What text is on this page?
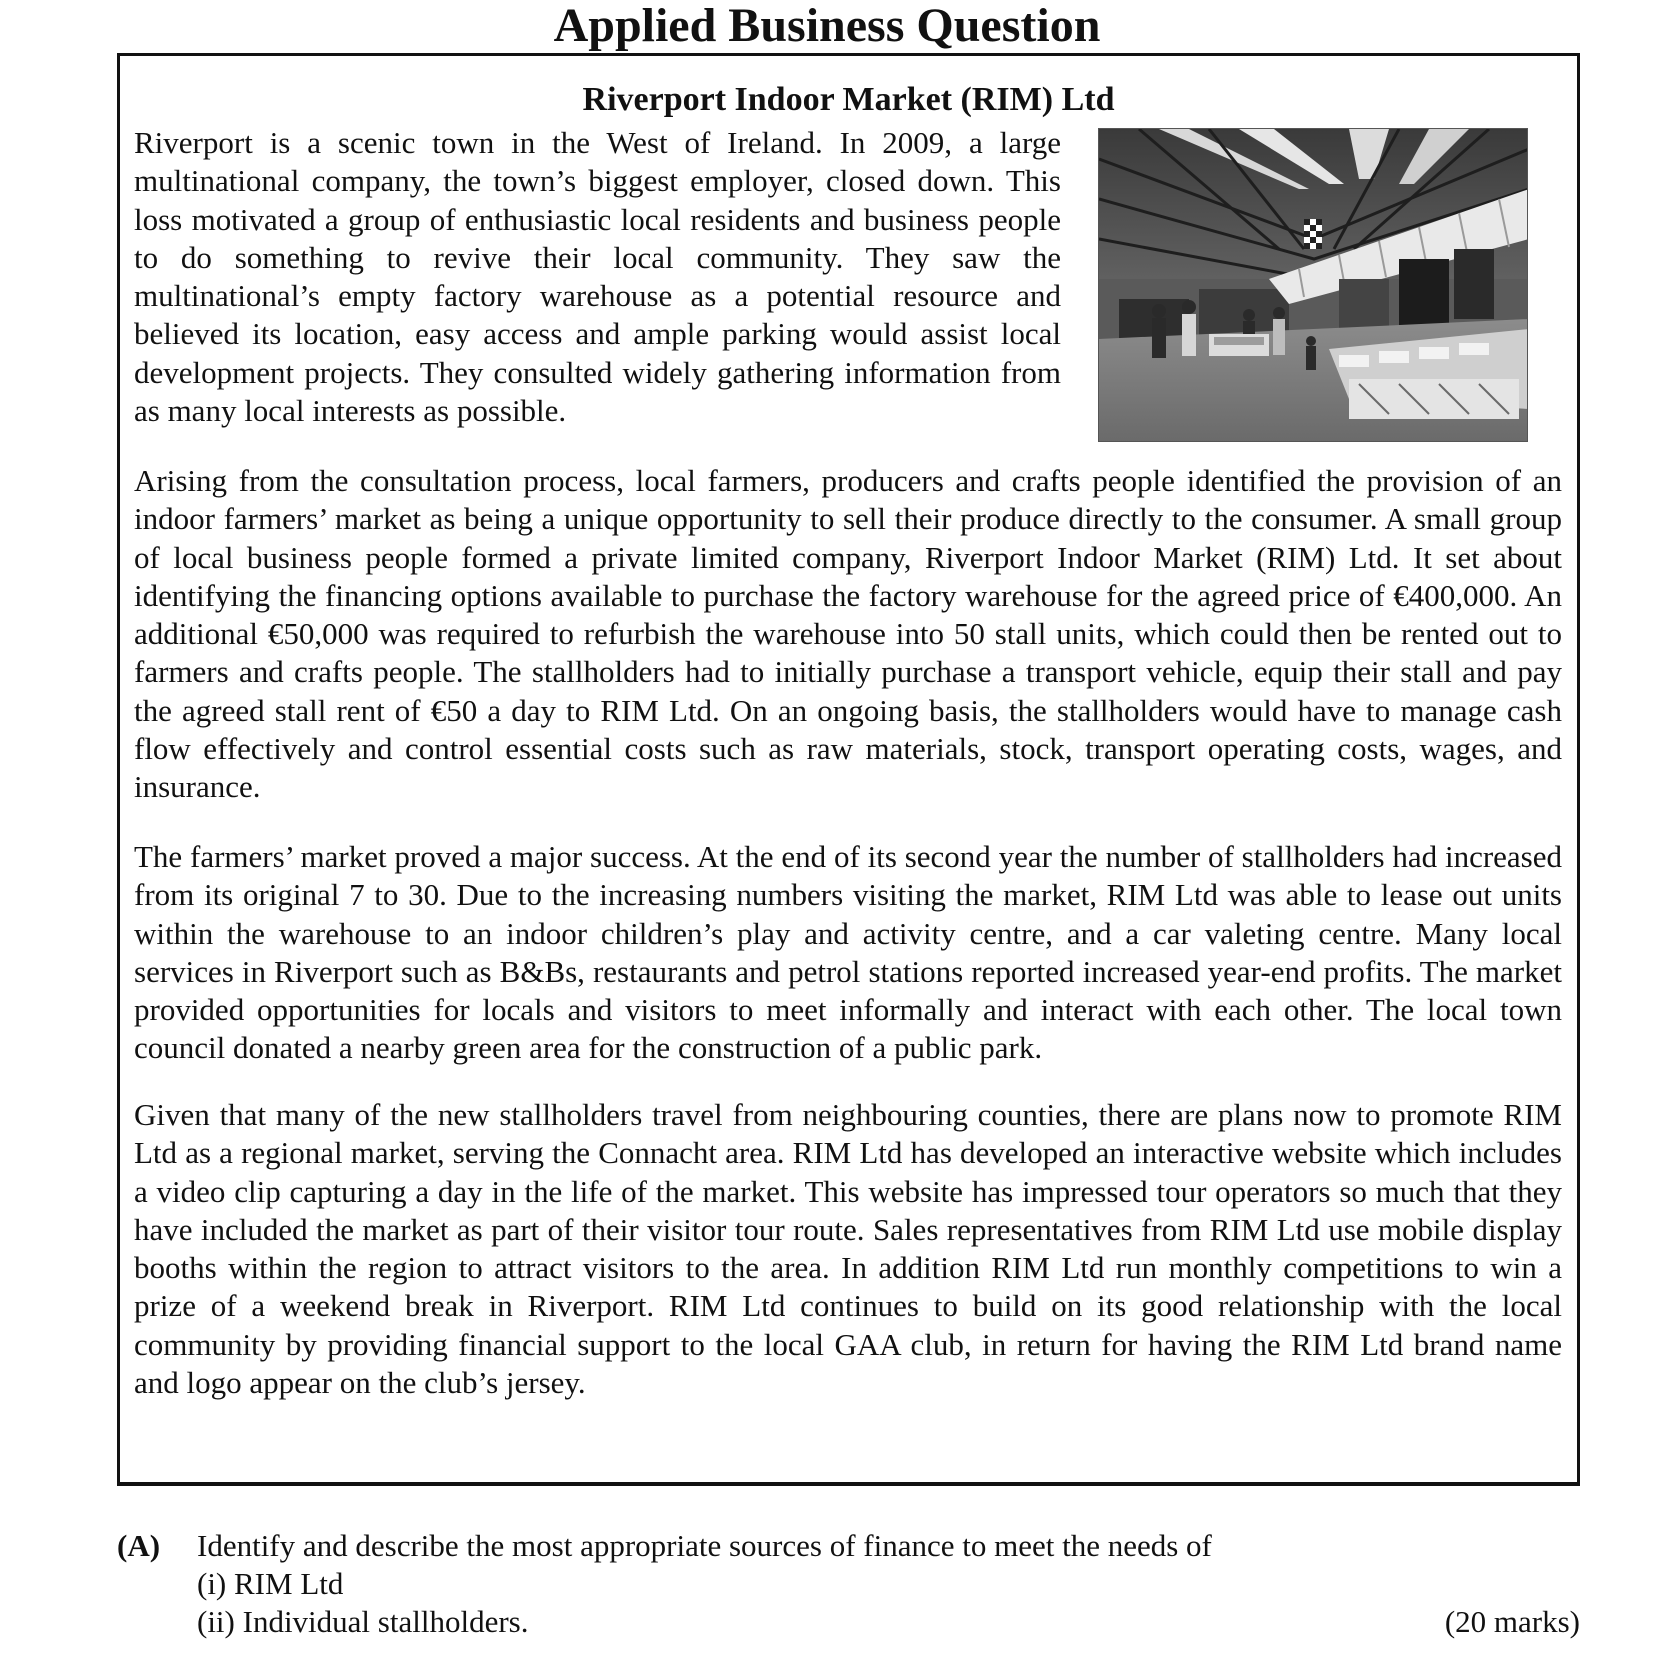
Applied Business Question
Riverport Indoor Market (RIM) Ltd

Riverport is a scenic town in the West of Ireland. In 2009, a large multinational company, the town’s biggest employer, closed down. This loss motivated a group of enthusiastic local residents and business people to do something to revive their local community. They saw the multinational’s empty factory warehouse as a potential resource and believed its location, easy access and ample parking would assist local development projects. They consulted widely gathering information from as many local interests as possible.

Arising from the consultation process, local farmers, producers and crafts people identified the provision of an indoor farmers’ market as being a unique opportunity to sell their produce directly to the consumer. A small group of local business people formed a private limited company, Riverport Indoor Market (RIM) Ltd. It set about identifying the financing options available to purchase the factory warehouse for the agreed price of €400,000. An additional €50,000 was required to refurbish the warehouse into 50 stall units, which could then be rented out to farmers and crafts people. The stallholders had to initially purchase a transport vehicle, equip their stall and pay the agreed stall rent of €50 a day to RIM Ltd. On an ongoing basis, the stallholders would have to manage cash flow effectively and control essential costs such as raw materials, stock, transport operating costs, wages, and insurance.

The farmers’ market proved a major success. At the end of its second year the number of stallholders had increased from its original 7 to 30. Due to the increasing numbers visiting the market, RIM Ltd was able to lease out units within the warehouse to an indoor children’s play and activity centre, and a car valeting centre. Many local services in Riverport such as B&Bs, restaurants and petrol stations reported increased year-end profits. The market provided opportunities for locals and visitors to meet informally and interact with each other. The local town council donated a nearby green area for the construction of a public park.

Given that many of the new stallholders travel from neighbouring counties, there are plans now to promote RIM Ltd as a regional market, serving the Connacht area. RIM Ltd has developed an interactive website which includes a video clip capturing a day in the life of the market. This website has impressed tour operators so much that they have included the market as part of their visitor tour route. Sales representatives from RIM Ltd use mobile display booths within the region to attract visitors to the area. In addition RIM Ltd run monthly competitions to win a prize of a weekend break in Riverport. RIM Ltd continues to build on its good relationship with the local community by providing financial support to the local GAA club, in return for having the RIM Ltd brand name and logo appear on the club’s jersey.

(A) Identify and describe the most appropriate sources of finance to meet the needs of
(i) RIM Ltd
(ii) Individual stallholders.	(20 marks)
